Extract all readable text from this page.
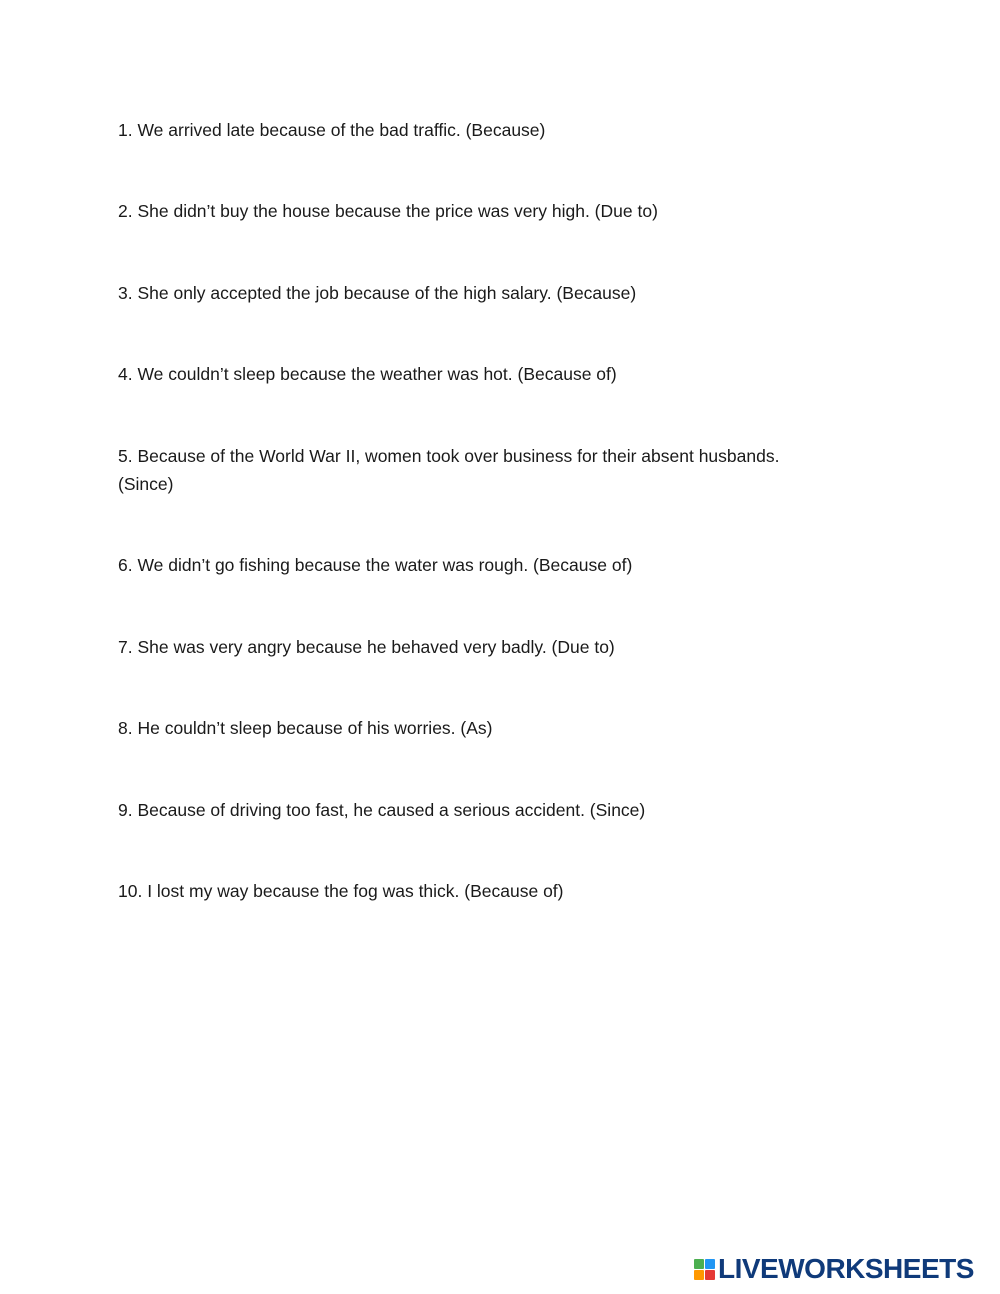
1. We arrived late because of the bad traffic. (Because)

2. She didn’t buy the house because the price was very high. (Due to)

3. She only accepted the job because of the high salary. (Because)

4. We couldn’t sleep because the weather was hot. (Because of)

5. Because of the World War II, women took over business for their absent husbands. (Since)

6. We didn’t go fishing because the water was rough. (Because of)

7. She was very angry because he behaved very badly. (Due to)

8. He couldn’t sleep because of his worries. (As)

9. Because of driving too fast, he caused a serious accident. (Since)

10. I lost my way because the fog was thick. (Because of)

LIVEWORKSHEETS
